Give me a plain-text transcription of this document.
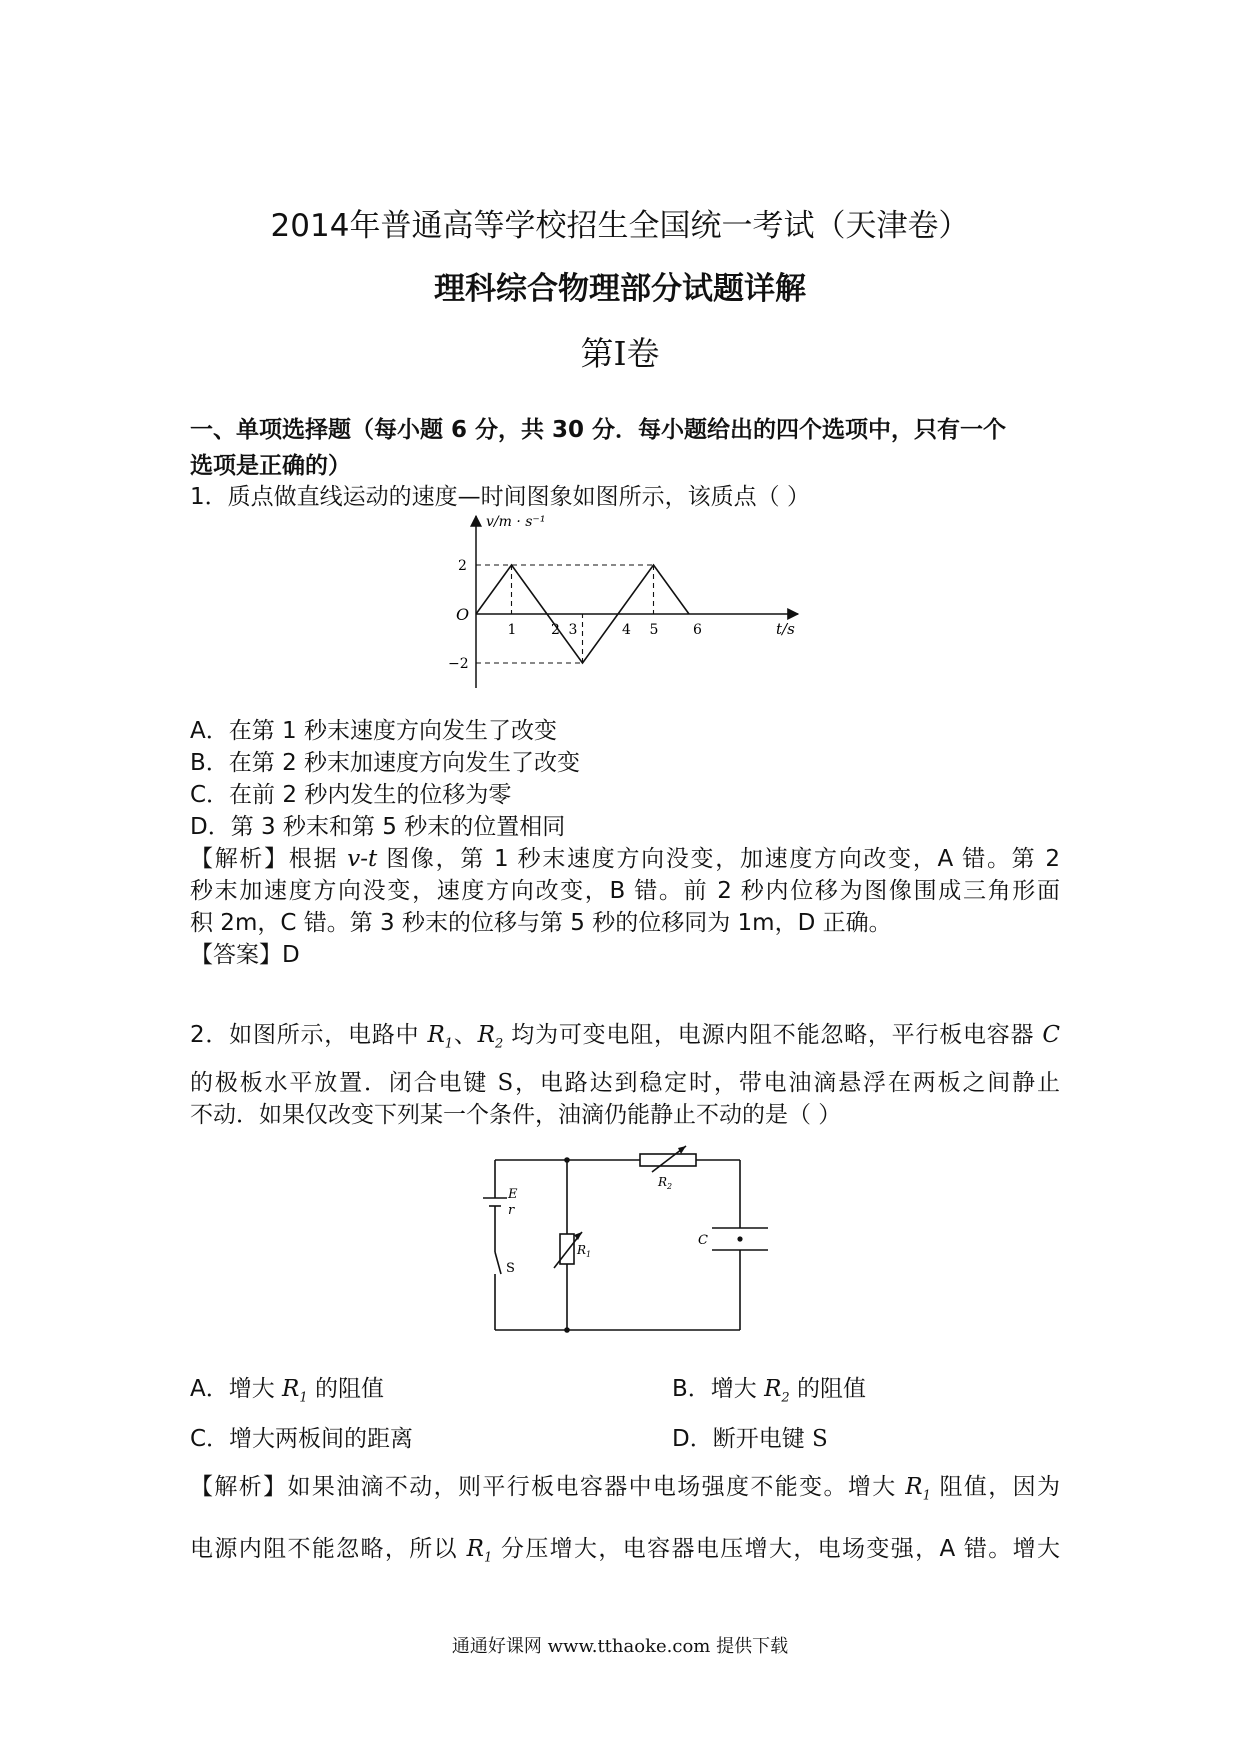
2014年普通高等学校招生全国统一考试（天津卷）
理科综合物理部分试题详解
第Ⅰ卷
一、单项选择题（每小题 6 分，共 30 分．每小题给出的四个选项中，只有一个
选项是正确的）
1．质点做直线运动的速度—时间图象如图所示，该质点（ ）
1 2 3	4 5 6
2
−2
v/m · s⁻¹
t/s
O
A．在第 1 秒末速度方向发生了改变
B．在第 2 秒末加速度方向发生了改变
C．在前 2 秒内发生的位移为零
D．第 3 秒末和第 5 秒末的位置相同
【解析】根据 v-t 图像，第 1 秒末速度方向没变，加速度方向改变，A 错。第 2
秒末加速度方向没变，速度方向改变，B 错。前 2 秒内位移为图像围成三角形面
积 2m，C 错。第 3 秒末的位移与第 5 秒的位移同为 1m，D 正确。
【答案】D
2．如图所示，电路中 $R_1$、$R_2$ 均为可变电阻，电源内阻不能忽略，平行板电容器 C
的极板水平放置．闭合电键 S，电路达到稳定时，带电油滴悬浮在两板之间静止
不动．如果仅改变下列某一个条件，油滴仍能静止不动的是（ ）
E
r
S
$R_1$
$R_2$
C
A．增大 $R_1$ 的阻值	B．增大 $R_2$ 的阻值
C．增大两板间的距离	D．断开电键 S
【解析】如果油滴不动，则平行板电容器中电场强度不能变。增大 $R_1$ 阻值，因为
电源内阻不能忽略，所以 $R_1$ 分压增大，电容器电压增大，电场变强，A 错。增大
通通好课网 www.tthaoke.com 提供下载
